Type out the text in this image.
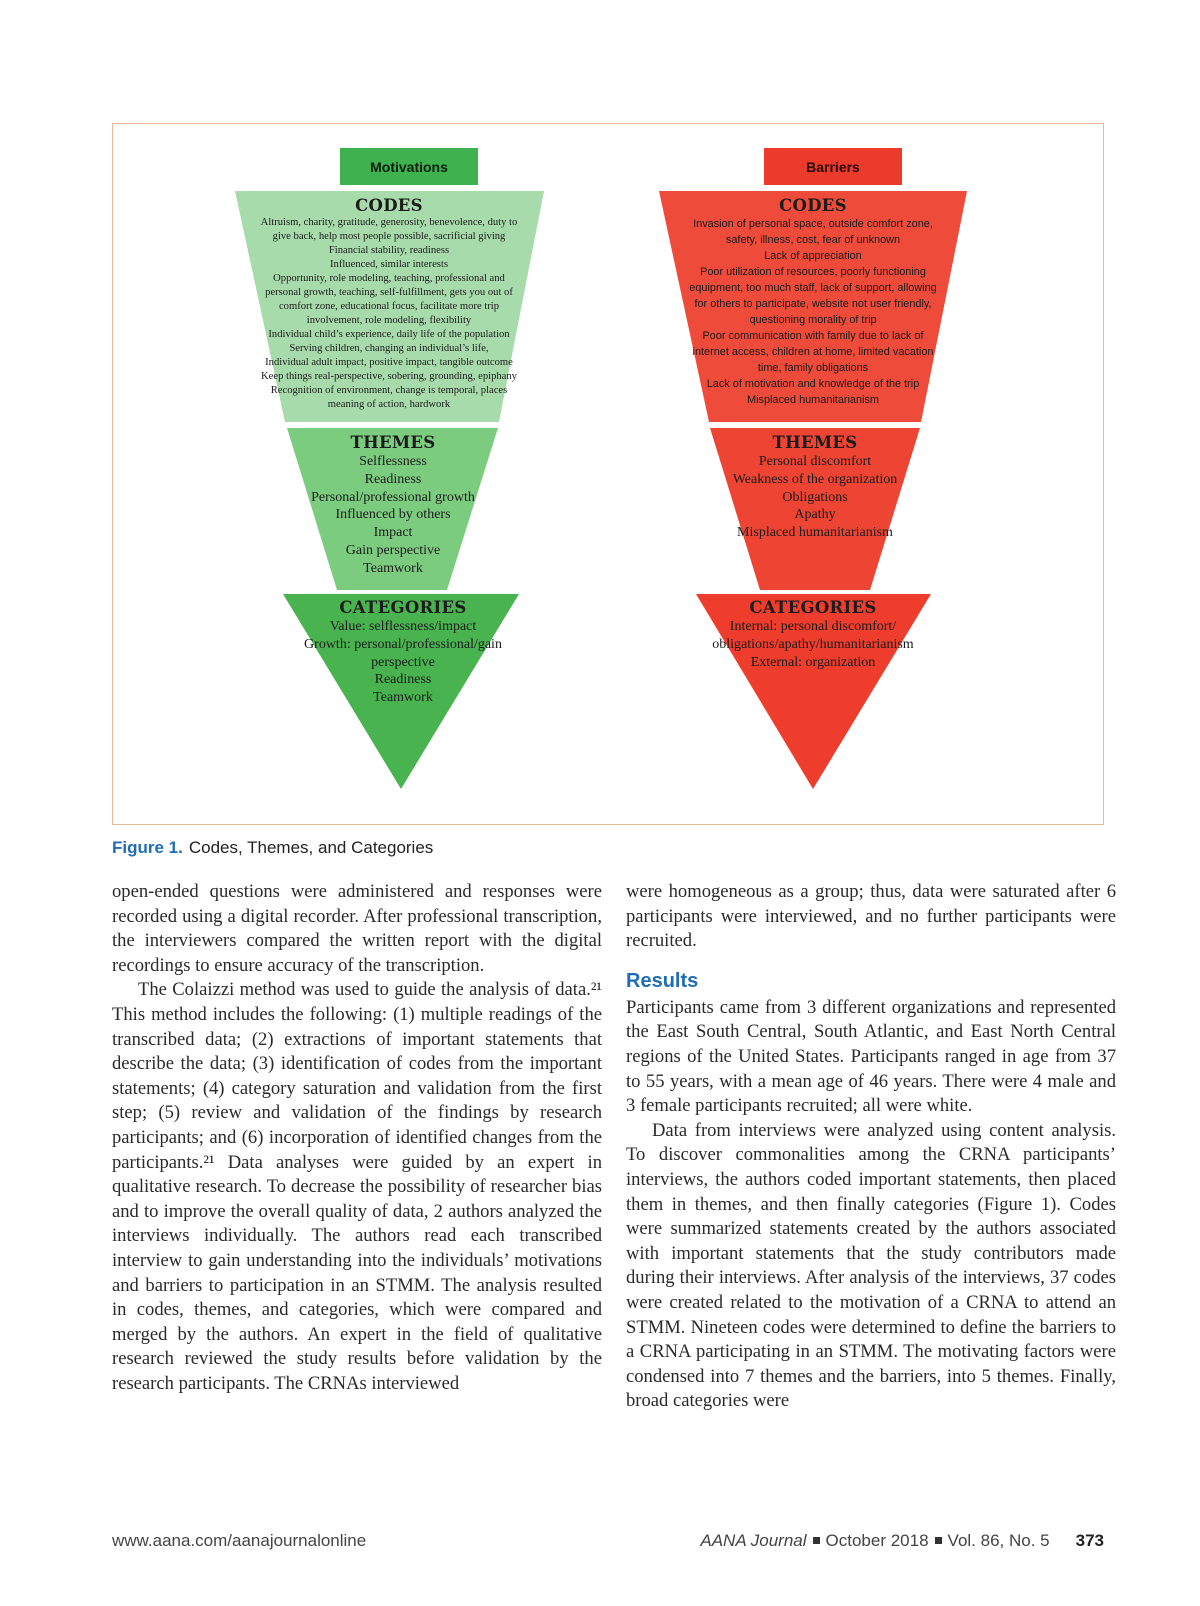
Motivations	Barriers
CODES
Altruism, charity, gratitude, generosity, benevolence, duty to
give back, help most people possible, sacrificial giving
Financial stability, readiness
Influenced, similar interests
Opportunity, role modeling, teaching, professional and
personal growth, teaching, self-fulfillment, gets you out of
comfort zone, educational focus, facilitate more trip
involvement, role modeling, flexibility
Individual child’s experience, daily life of the population
Serving children, changing an individual’s life,
Individual adult impact, positive impact, tangible outcome
Keep things real-perspective, sobering, grounding, epiphany
Recognition of environment, change is temporal, places
meaning of action, hardwork
THEMES
Selflessness
Readiness
Personal/professional growth
Influenced by others
Impact
Gain perspective
Teamwork
CATEGORIES
Value: selflessness/impact
Growth: personal/professional/gain
perspective
Readiness
Teamwork
CODES
Invasion of personal space, outside comfort zone,
safety, illness, cost, fear of unknown
Lack of appreciation
Poor utilization of resources, poorly functioning
equipment, too much staff, lack of support, allowing
for others to participate, website not user friendly,
questioning morality of trip
Poor communication with family due to lack of
internet access, children at home, limited vacation
time, family obligations
Lack of motivation and knowledge of the trip
Misplaced humanitarianism
THEMES
Personal discomfort
Weakness of the organization
Obligations
Apathy
Misplaced humanitarianism
CATEGORIES
Internal: personal discomfort/
obligations/apathy/humanitarianism
External: organization
Figure 1. Codes, Themes, and Categories

open-ended questions were administered and responses were recorded using a digital recorder. After professional transcription, the interviewers compared the written report with the digital recordings to ensure accuracy of the transcription.

The Colaizzi method was used to guide the analysis of data.²¹ This method includes the following: (1) multiple readings of the transcribed data; (2) extractions of important statements that describe the data; (3) identification of codes from the important statements; (4) category saturation and validation from the first step; (5) review and validation of the findings by research participants; and (6) incorporation of identified changes from the participants.²¹ Data analyses were guided by an expert in qualitative research. To decrease the possibility of researcher bias and to improve the overall quality of data, 2 authors analyzed the interviews individually. The authors read each transcribed interview to gain understanding into the individuals’ motivations and barriers to participation in an STMM. The analysis resulted in codes, themes, and categories, which were compared and merged by the authors. An expert in the field of qualitative research reviewed the study results before validation by the research participants. The CRNAs interviewed

were homogeneous as a group; thus, data were saturated after 6 participants were interviewed, and no further participants were recruited.

Results

Participants came from 3 different organizations and represented the East South Central, South Atlantic, and East North Central regions of the United States. Participants ranged in age from 37 to 55 years, with a mean age of 46 years. There were 4 male and 3 female participants recruited; all were white.

Data from interviews were analyzed using content analysis. To discover commonalities among the CRNA participants’ interviews, the authors coded important statements, then placed them in themes, and then finally categories (Figure 1). Codes were summarized statements created by the authors associated with important statements that the study contributors made during their interviews. After analysis of the interviews, 37 codes were created related to the motivation of a CRNA to attend an STMM. Nineteen codes were determined to define the barriers to a CRNA participating in an STMM. The motivating factors were condensed into 7 themes and the barriers, into 5 themes. Finally, broad categories were

www.aana.com/aanajournalonline	AANA Journal October 2018 Vol. 86, No. 5 373
